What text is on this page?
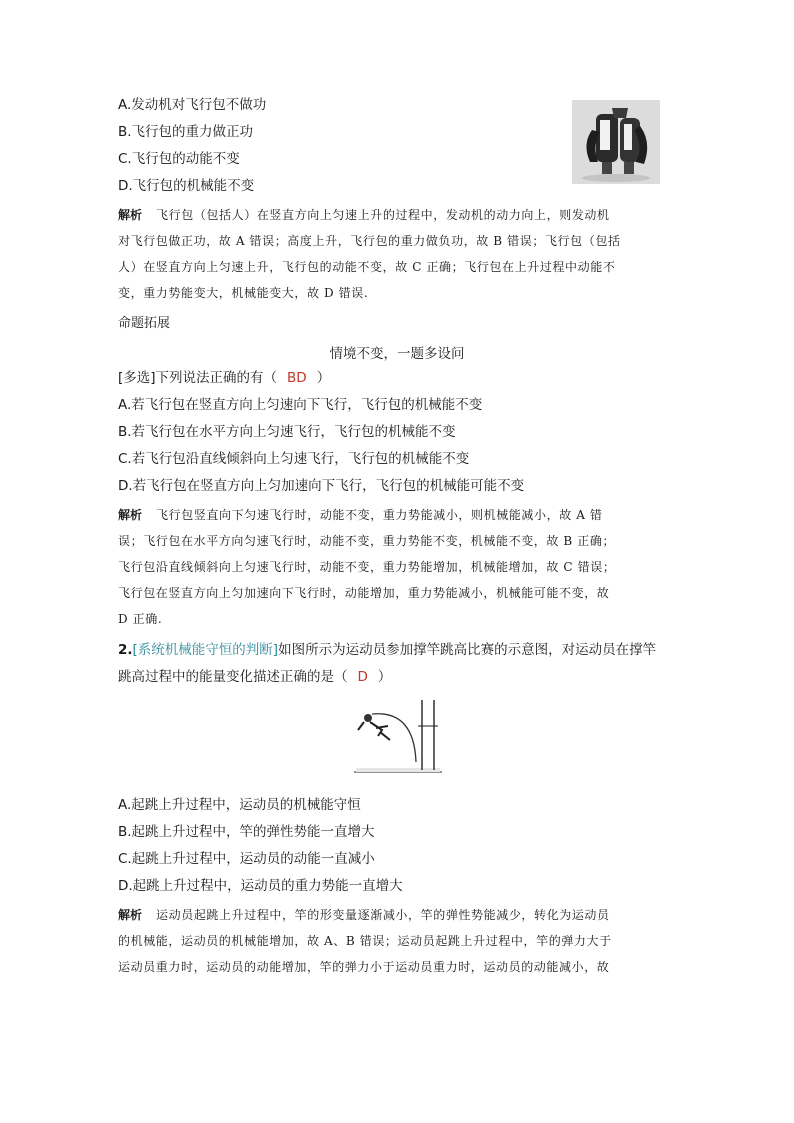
A.发动机对飞行包不做功
B.飞行包的重力做正功
C.飞行包的动能不变
D.飞行包的机械能不变
解析 飞行包（包括人）在竖直方向上匀速上升的过程中，发动机的动力向上，则发动机
对飞行包做正功，故 A 错误；高度上升，飞行包的重力做负功，故 B 错误；飞行包（包括
人）在竖直方向上匀速上升，飞行包的动能不变，故 C 正确；飞行包在上升过程中动能不
变，重力势能变大，机械能变大，故 D 错误.
命题拓展
情境不变，一题多设问
[多选]下列说法正确的有（ BD ）
A.若飞行包在竖直方向上匀速向下飞行，飞行包的机械能不变
B.若飞行包在水平方向上匀速飞行，飞行包的机械能不变
C.若飞行包沿直线倾斜向上匀速飞行，飞行包的机械能不变
D.若飞行包在竖直方向上匀加速向下飞行，飞行包的机械能可能不变
解析 飞行包竖直向下匀速飞行时，动能不变，重力势能减小，则机械能减小，故 A 错
误；飞行包在水平方向匀速飞行时，动能不变，重力势能不变，机械能不变，故 B 正确；
飞行包沿直线倾斜向上匀速飞行时，动能不变，重力势能增加，机械能增加，故 C 错误；
飞行包在竖直方向上匀加速向下飞行时，动能增加，重力势能减小，机械能可能不变，故
D 正确.
2.[系统机械能守恒的判断]如图所示为运动员参加撑竿跳高比赛的示意图，对运动员在撑竿
跳高过程中的能量变化描述正确的是（ D ）
A.起跳上升过程中，运动员的机械能守恒
B.起跳上升过程中，竿的弹性势能一直增大
C.起跳上升过程中，运动员的动能一直减小
D.起跳上升过程中，运动员的重力势能一直增大
解析 运动员起跳上升过程中，竿的形变量逐渐减小，竿的弹性势能减少，转化为运动员
的机械能，运动员的机械能增加，故 A、B 错误；运动员起跳上升过程中，竿的弹力大于
运动员重力时，运动员的动能增加，竿的弹力小于运动员重力时，运动员的动能减小，故
